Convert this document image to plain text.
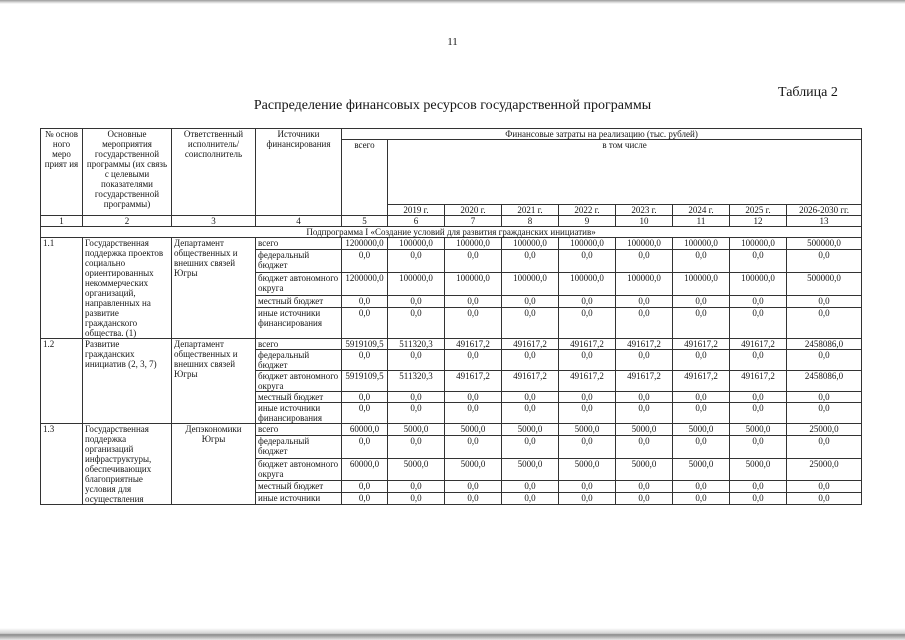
11
Таблица 2
Распределение финансовых ресурсов государственной программы
№ основ ного меро прият ия	Основные мероприятия государственной программы (их связь с целевыми показателями государственной программы)	Ответственный исполнитель/ соисполнитель	Источники финансирования	Финансовые затраты на реализацию (тыс. рублей)								
				всего	в том числе							
					2019 г.	2020 г.	2021 г.	2022 г.	2023 г.	2024 г.	2025 г.	2026-2030 гг.
1	2	3	4	5	6	7	8	9	10	11	12	13
Подпрограмма I «Создание условий для развития гражданских инициатив»												
1.1	Государственная поддержка проектов социально ориентированных некоммерческих организаций, направленных на развитие гражданского общества. (1)	Департамент общественных и внешних связей Югры	всего	1200000,0	100000,0	100000,0	100000,0	100000,0	100000,0	100000,0	100000,0	500000,0
			федеральный бюджет	0,0	0,0	0,0	0,0	0,0	0,0	0,0	0,0	0,0
			бюджет автономного округа	1200000,0	100000,0	100000,0	100000,0	100000,0	100000,0	100000,0	100000,0	500000,0
			местный бюджет	0,0	0,0	0,0	0,0	0,0	0,0	0,0	0,0	0,0
			иные источники финансирования	0,0	0,0	0,0	0,0	0,0	0,0	0,0	0,0	0,0
1.2	Развитие гражданских инициатив (2, 3, 7)	Департамент общественных и внешних связей Югры	всего	5919109,5	511320,3	491617,2	491617,2	491617,2	491617,2	491617,2	491617,2	2458086,0
			федеральный бюджет	0,0	0,0	0,0	0,0	0,0	0,0	0,0	0,0	0,0
			бюджет автономного округа	5919109,5	511320,3	491617,2	491617,2	491617,2	491617,2	491617,2	491617,2	2458086,0
			местный бюджет	0,0	0,0	0,0	0,0	0,0	0,0	0,0	0,0	0,0
			иные источники финансирования	0,0	0,0	0,0	0,0	0,0	0,0	0,0	0,0	0,0
1.3	Государственная поддержка организаций инфраструктуры, обеспечивающих благоприятные условия для осуществления	Депэкономики Югры	всего	60000,0	5000,0	5000,0	5000,0	5000,0	5000,0	5000,0	5000,0	25000,0
			федеральный бюджет	0,0	0,0	0,0	0,0	0,0	0,0	0,0	0,0	0,0
			бюджет автономного округа	60000,0	5000,0	5000,0	5000,0	5000,0	5000,0	5000,0	5000,0	25000,0
			местный бюджет	0,0	0,0	0,0	0,0	0,0	0,0	0,0	0,0	0,0
			иные источники	0,0	0,0	0,0	0,0	0,0	0,0	0,0	0,0	0,0
